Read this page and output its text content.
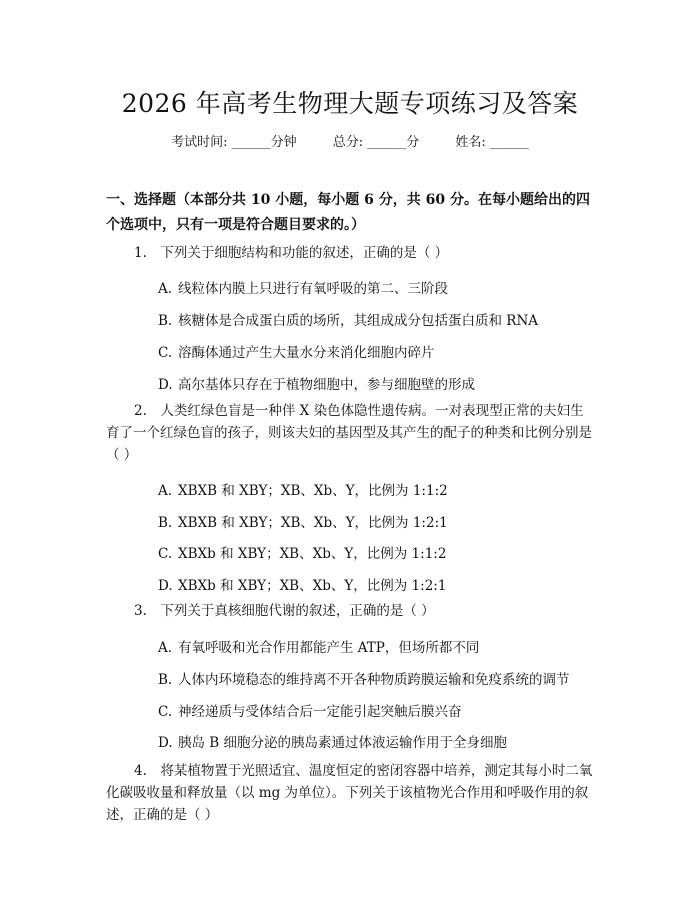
2026 年高考生物理大题专项练习及答案
考试时间: ______分钟	总分: ______分	姓名: ______
一、选择题（本部分共 10 小题，每小题 6 分，共 60 分。在每小题给出的四个选项中，只有一项是符合题目要求的。）
1.　下列关于细胞结构和功能的叙述，正确的是（ ）
A. 线粒体内膜上只进行有氧呼吸的第二、三阶段
B. 核糖体是合成蛋白质的场所，其组成成分包括蛋白质和 RNA
C. 溶酶体通过产生大量水分来消化细胞内碎片
D. 高尔基体只存在于植物细胞中，参与细胞壁的形成
2.　人类红绿色盲是一种伴 X 染色体隐性遗传病。一对表现型正常的夫妇生育了一个红绿色盲的孩子，则该夫妇的基因型及其产生的配子的种类和比例分别是（ ）
A. XBXB 和 XBY；XB、Xb、Y，比例为 1:1:2
B. XBXB 和 XBY；XB、Xb、Y，比例为 1:2:1
C. XBXb 和 XBY；XB、Xb、Y，比例为 1:1:2
D. XBXb 和 XBY；XB、Xb、Y，比例为 1:2:1
3.　下列关于真核细胞代谢的叙述，正确的是（ ）
A. 有氧呼吸和光合作用都能产生 ATP，但场所都不同
B. 人体内环境稳态的维持离不开各种物质跨膜运输和免疫系统的调节
C. 神经递质与受体结合后一定能引起突触后膜兴奋
D. 胰岛 B 细胞分泌的胰岛素通过体液运输作用于全身细胞
4.　将某植物置于光照适宜、温度恒定的密闭容器中培养，测定其每小时二氧化碳吸收量和释放量（以 mg 为单位）。下列关于该植物光合作用和呼吸作用的叙述，正确的是（ ）
